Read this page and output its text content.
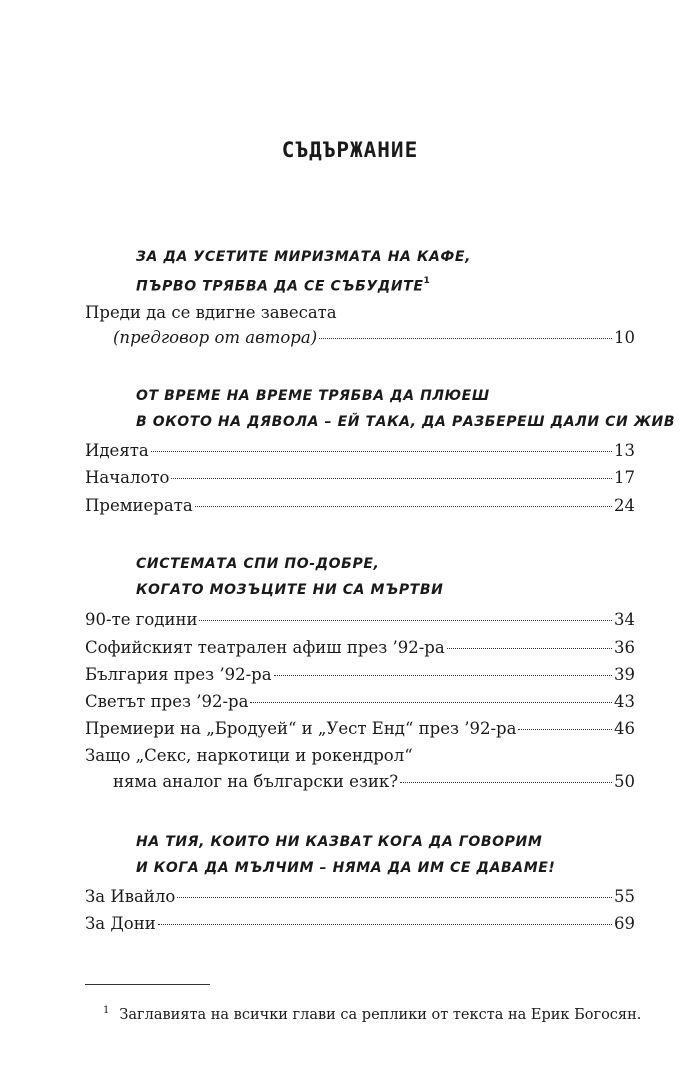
СЪДЪРЖАНИЕ
ЗА ДА УСЕТИТЕ МИРИЗМАТА НА КАФЕ,
ПЪРВО ТРЯБВА ДА СЕ СЪБУДИТЕ$^1$
Преди да се вдигне завесата
(предговор от автора)	10
ОТ ВРЕМЕ НА ВРЕМЕ ТРЯБВА ДА ПЛЮЕШ
В ОКОТО НА ДЯВОЛА – ЕЙ ТАКА, ДА РАЗБЕРЕШ ДАЛИ СИ ЖИВ
Идеята	13
Началото	17
Премиерата	24
СИСТЕМАТА СПИ ПО-ДОБРЕ,
КОГАТО МОЗЪЦИТЕ НИ СА МЪРТВИ
90-те години	34
Софийският театрален афиш през ’92-ра	36
България през ’92-ра	39
Светът през ’92-ра	43
Премиери на „Бродуей“ и „Уест Енд“ през ’92-ра	46
Защо „Секс, наркотици и рокендрол“
няма аналог на български език?	50
НА ТИЯ, КОИТО НИ КАЗВАТ КОГА ДА ГОВОРИМ
И КОГА ДА МЪЛЧИМ – НЯМА ДА ИМ СЕ ДАВАМЕ!
За Ивайло	55
За Дони	69
1 Заглавията на всички глави са реплики от текста на Ерик Богосян.
